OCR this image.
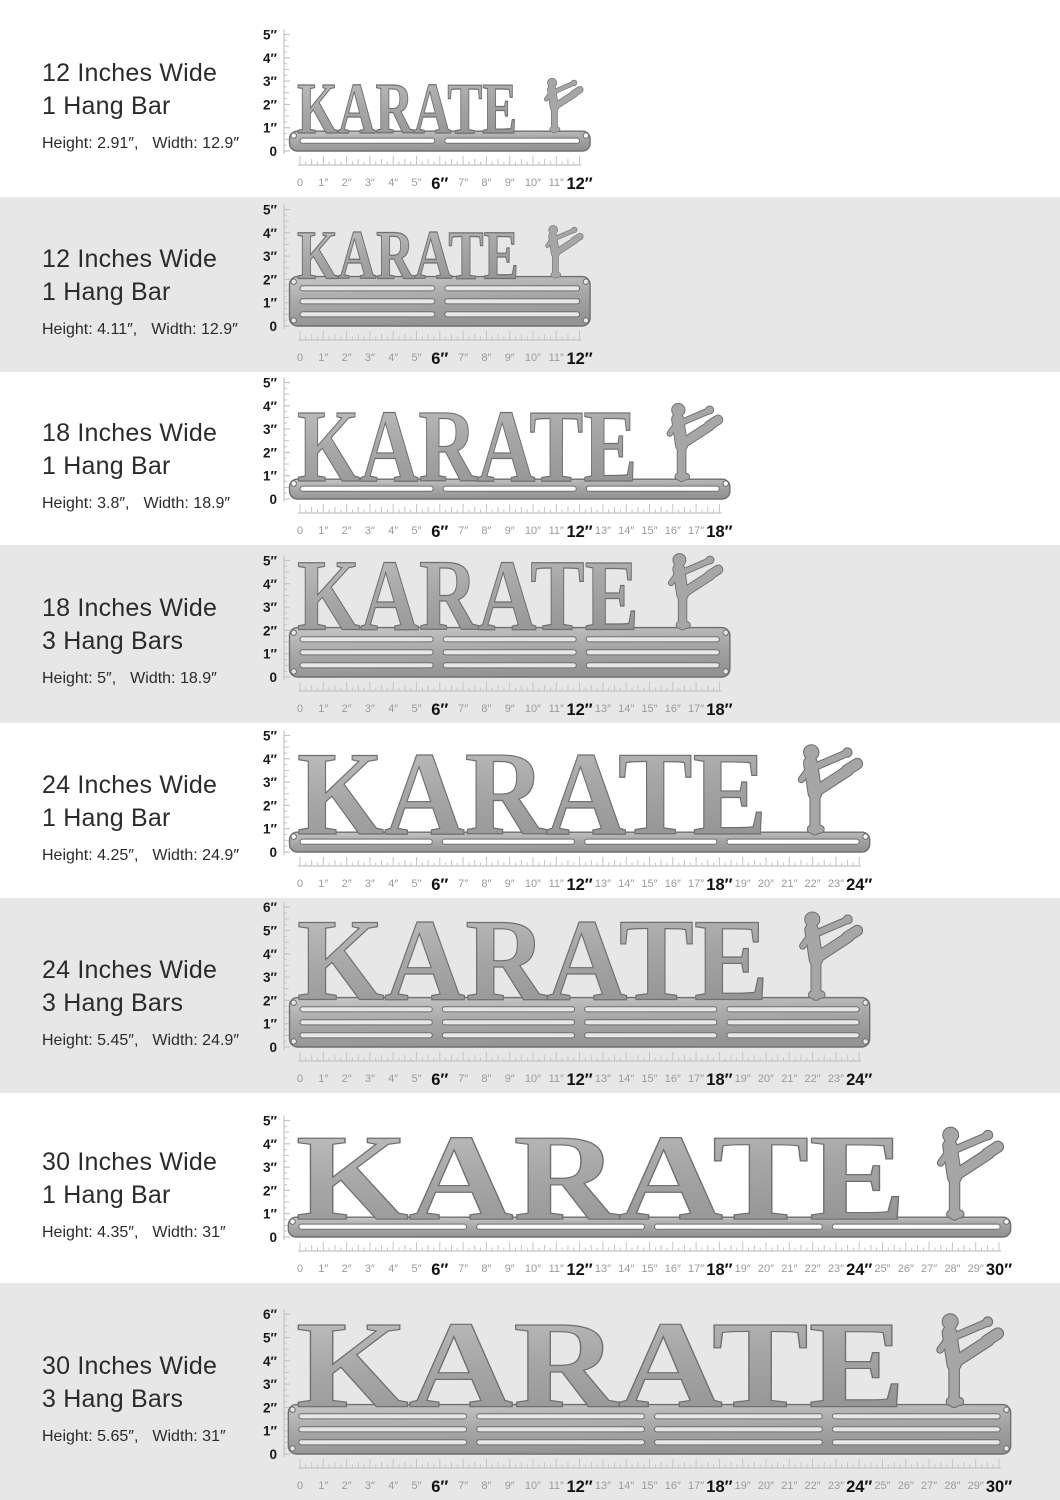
12 Inches Wide
1 Hang Bar
Height: 2.91″, Width: 12.9″
0
1″
2″
3″
4″
5″
0 1″ 2″ 3″ 4″ 5″ 6″ 7″ 8″ 9″ 10″ 11″ 12″
KARATE
12 Inches Wide
1 Hang Bar
Height: 4.11″, Width: 12.9″ 0
1″
2″
3″
4″
5″
0 1″ 2″ 3″ 4″ 5″ 6″ 7″ 8″ 9″ 10″ 11″ 12″
KARATE
18 Inches Wide
1 Hang Bar
Height: 3.8″, Width: 18.9″	0
1″
2″
3″
4″
5″
0 1″ 2″ 3″ 4″ 5″ 6″ 7″ 8″ 9″ 10″ 11″ 12″ 13″ 14″ 15″ 16″ 17″ 18″
KARATE
18 Inches Wide
3 Hang Bars
Height: 5″, Width: 18.9″	0
1″
2″
3″
4″
5″
0 1″ 2″ 3″ 4″ 5″ 6″ 7″ 8″ 9″ 10″ 11″ 12″ 13″ 14″ 15″ 16″ 17″ 18″
KARATE
24 Inches Wide
1 Hang Bar
Height: 4.25″, Width: 24.9″ 0
1″
2″
3″
4″
5″
0 1″ 2″ 3″ 4″ 5″ 6″ 7″ 8″ 9″ 10″ 11″ 12″ 13″ 14″ 15″ 16″ 17″ 18″ 19″ 20″ 21″ 22″ 23″ 24″
KARATE
24 Inches Wide
3 Hang Bars
Height: 5.45″, Width: 24.9″ 0
1″
2″
3″
4″
5″
6″
0 1″ 2″ 3″ 4″ 5″ 6″ 7″ 8″ 9″ 10″ 11″ 12″ 13″ 14″ 15″ 16″ 17″ 18″ 19″ 20″ 21″ 22″ 23″ 24″
KARATE
30 Inches Wide
1 Hang Bar
Height: 4.35″, Width: 31″	0
1″
2″
3″
4″
5″
0 1″ 2″ 3″ 4″ 5″ 6″ 7″ 8″ 9″ 10″ 11″ 12″ 13″ 14″ 15″ 16″ 17″ 18″ 19″ 20″ 21″ 22″ 23″ 24″ 25″ 26″ 27″ 28″ 29″ 30″
KARATE
30 Inches Wide
3 Hang Bars
Height: 5.65″, Width: 31″
0
1″
2″
3″
4″
5″
6″
0 1″ 2″ 3″ 4″ 5″ 6″ 7″ 8″ 9″ 10″ 11″ 12″ 13″ 14″ 15″ 16″ 17″ 18″ 19″ 20″ 21″ 22″ 23″ 24″ 25″ 26″ 27″ 28″ 29″ 30″
KARATE
